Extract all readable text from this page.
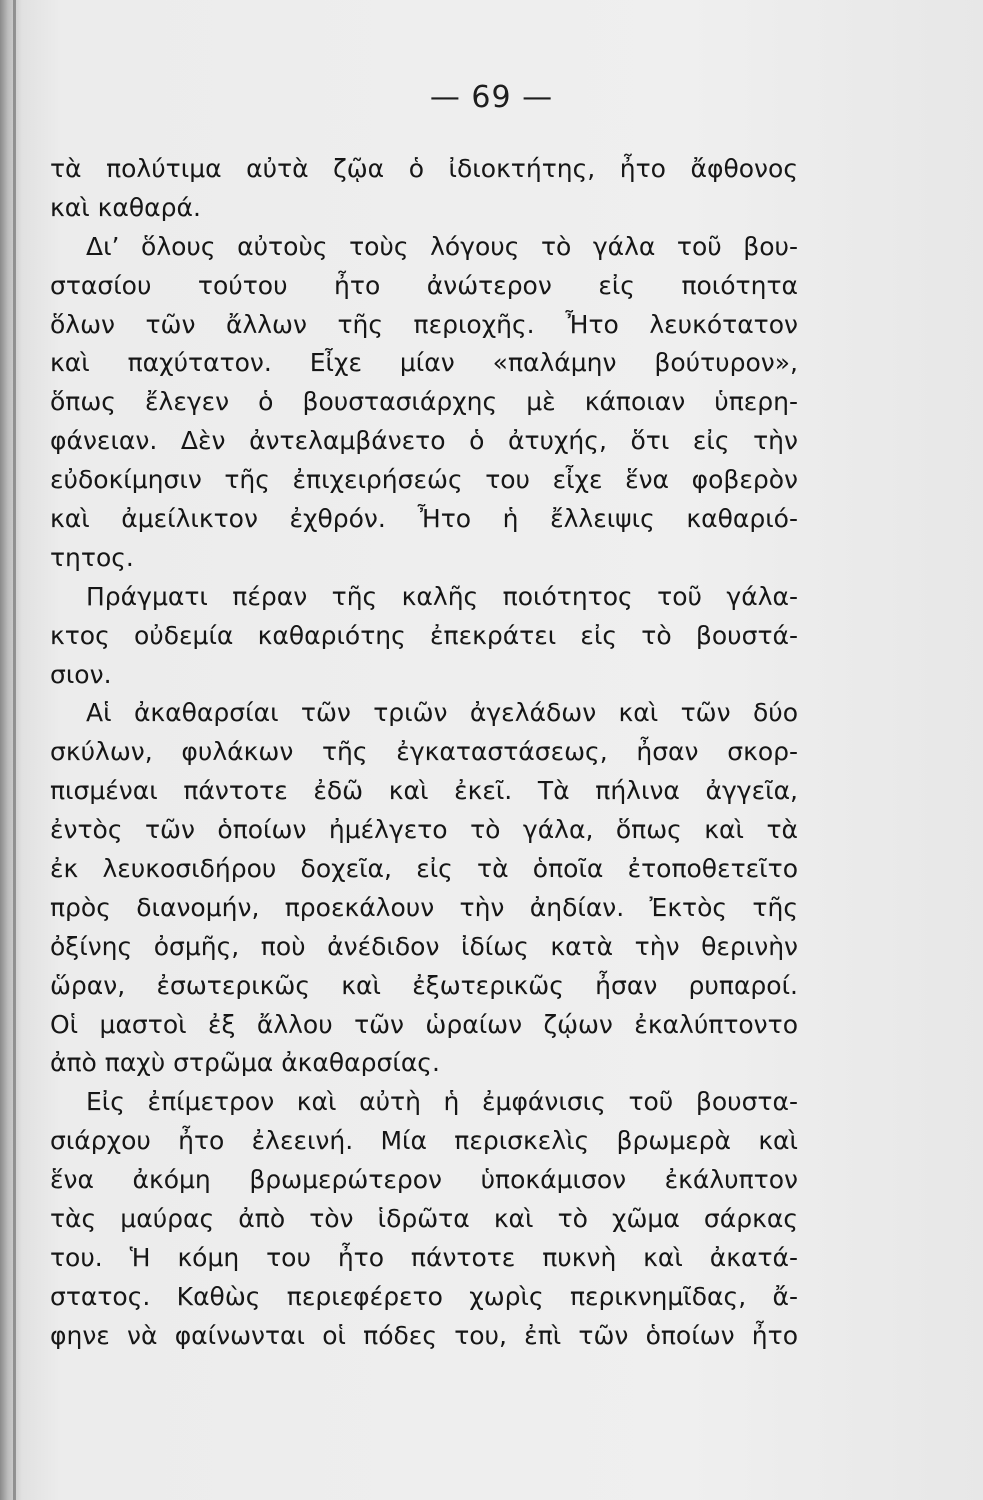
— 69 —
τὰ πολύτιμα αὐτὰ ζῷα ὁ ἰδιοκτήτης, ἦτο ἄφθονος
καὶ καθαρά.
Δι’ ὅλους αὐτοὺς τοὺς λόγους τὸ γάλα τοῦ βου-
στασίου τούτου ἦτο ἀνώτερον εἰς ποιότητα
ὅλων τῶν ἄλλων τῆς περιοχῆς. Ἦτο λευκότατον
καὶ παχύτατον. Εἶχε μίαν «παλάμην βούτυρον»,
ὅπως ἔλεγεν ὁ βουστασιάρχης μὲ κάποιαν ὑπερη-
φάνειαν. Δὲν ἀντελαμβάνετο ὁ ἀτυχής, ὅτι εἰς τὴν
εὐδοκίμησιν τῆς ἐπιχειρήσεώς του εἶχε ἕνα φοβερὸν
καὶ ἀμείλικτον ἐχθρόν. Ἦτο ἡ ἔλλειψις καθαριό-
τητος.
Πράγματι πέραν τῆς καλῆς ποιότητος τοῦ γάλα-
κτος οὐδεμία καθαριότης ἐπεκράτει εἰς τὸ βουστά-
σιον.
Αἱ ἀκαθαρσίαι τῶν τριῶν ἀγελάδων καὶ τῶν δύο
σκύλων, φυλάκων τῆς ἐγκαταστάσεως, ἦσαν σκορ-
πισμέναι πάντοτε ἐδῶ καὶ ἐκεῖ. Τὰ πήλινα ἀγγεῖα,
ἐντὸς τῶν ὁποίων ἠμέλγετο τὸ γάλα, ὅπως καὶ τὰ
ἐκ λευκοσιδήρου δοχεῖα, εἰς τὰ ὁποῖα ἐτοποθετεῖτο
πρὸς διανομήν, προεκάλουν τὴν ἀηδίαν. Ἐκτὸς τῆς
ὀξίνης ὀσμῆς, ποὺ ἀνέδιδον ἰδίως κατὰ τὴν θερινὴν
ὥραν, ἐσωτερικῶς καὶ ἐξωτερικῶς ἦσαν ρυπαροί.
Οἱ μαστοὶ ἐξ ἄλλου τῶν ὡραίων ζῴων ἐκαλύπτοντο
ἀπὸ παχὺ στρῶμα ἀκαθαρσίας.
Εἰς ἐπίμετρον καὶ αὐτὴ ἡ ἐμφάνισις τοῦ βουστα-
σιάρχου ἦτο ἐλεεινή. Μία περισκελὶς βρωμερὰ καὶ
ἕνα ἀκόμη βρωμερώτερον ὑποκάμισον ἐκάλυπτον
τὰς μαύρας ἀπὸ τὸν ἱδρῶτα καὶ τὸ χῶμα σάρκας
του. Ἡ κόμη του ἦτο πάντοτε πυκνὴ καὶ ἀκατά-
στατος. Καθὼς περιεφέρετο χωρὶς περικνημῖδας, ἄ-
φηνε νὰ φαίνωνται οἱ πόδες του, ἐπὶ τῶν ὁποίων ἦτο
